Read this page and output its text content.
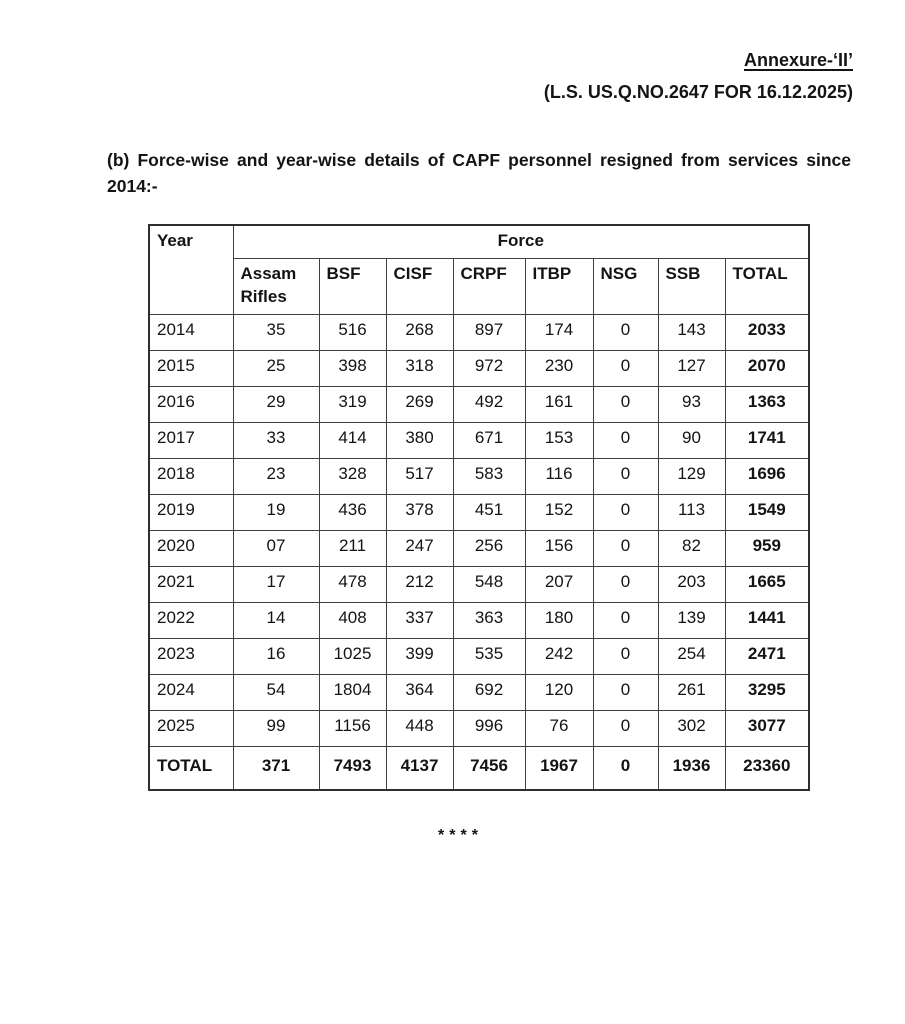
Annexure-‘II’
(L.S. US.Q.NO.2647 FOR 16.12.2025)

(b) Force-wise and year-wise details of CAPF personnel resigned from services since 2014:-

Year	Force							
	Assam Rifles	BSF	CISF	CRPF	ITBP	NSG	SSB	TOTAL
2014	35	516	268	897	174	0	143	2033
2015	25	398	318	972	230	0	127	2070
2016	29	319	269	492	161	0	93	1363
2017	33	414	380	671	153	0	90	1741
2018	23	328	517	583	116	0	129	1696
2019	19	436	378	451	152	0	113	1549
2020	07	211	247	256	156	0	82	959
2021	17	478	212	548	207	0	203	1665
2022	14	408	337	363	180	0	139	1441
2023	16	1025	399	535	242	0	254	2471
2024	54	1804	364	692	120	0	261	3295
2025	99	1156	448	996	76	0	302	3077
TOTAL	371	7493	4137	7456	1967	0	1936	23360
****
